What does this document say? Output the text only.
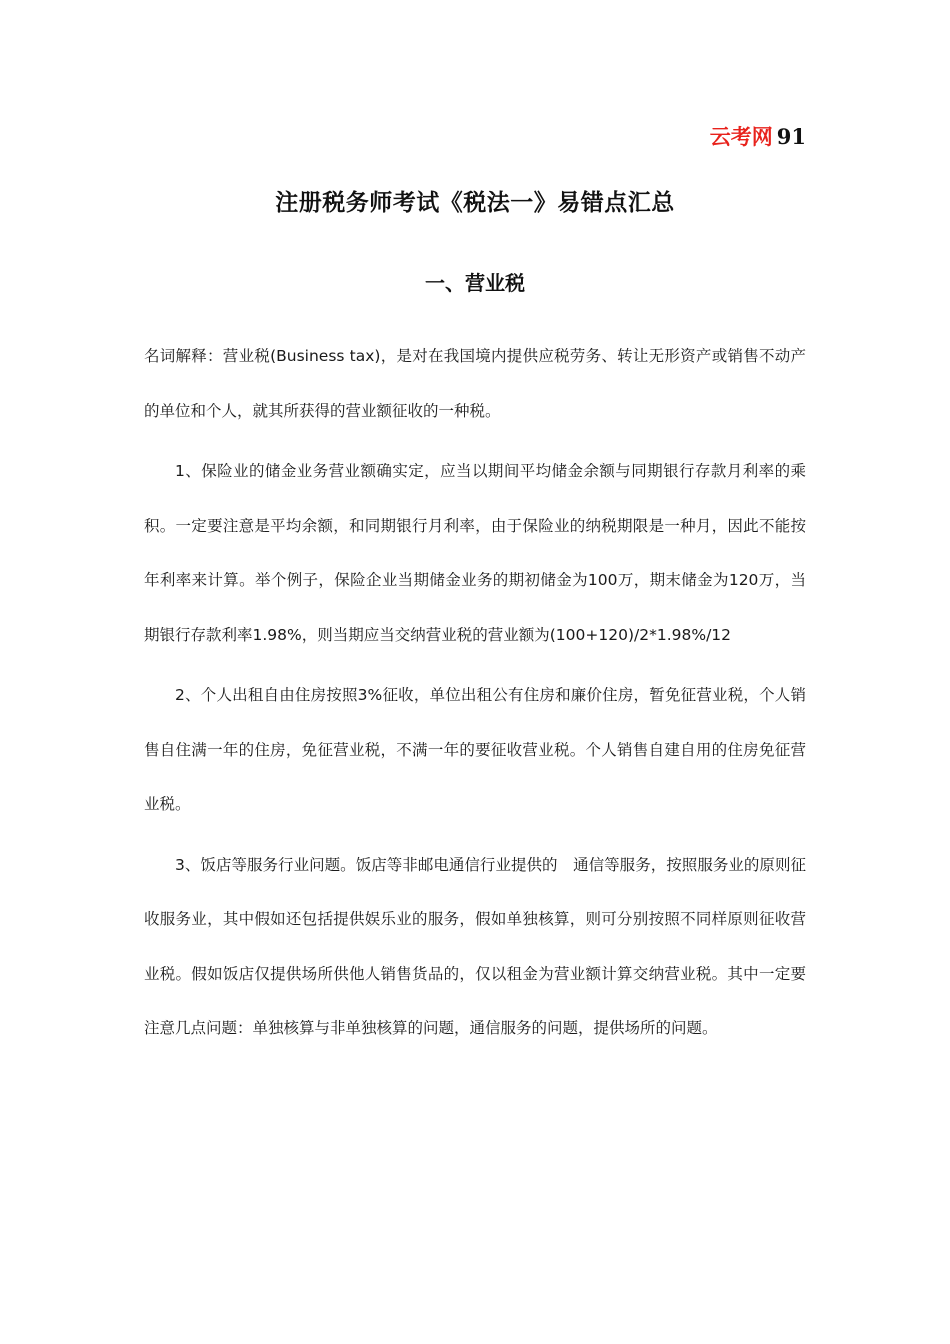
云考网 91
注册税务师考试《税法一》易错点汇总
一、营业税

名词解释：营业税(Business tax)，是对在我国境内提供应税劳务、转让无形资产或销售不动产的单位和个人，就其所获得的营业额征收的一种税。

1、保险业的储金业务营业额确实定，应当以期间平均储金余额与同期银行存款月利率的乘积。一定要注意是平均余额，和同期银行月利率，由于保险业的纳税期限是一种月，因此不能按年利率来计算。举个例子，保险企业当期储金业务的期初储金为100万，期末储金为120万，当期银行存款利率1.98%，则当期应当交纳营业税的营业额为(100+120)/2*1.98%/12

2、个人出租自由住房按照3%征收，单位出租公有住房和廉价住房，暂免征营业税，个人销售自住满一年的住房，免征营业税，不满一年的要征收营业税。个人销售自建自用的住房免征营业税。

3、饭店等服务行业问题。饭店等非邮电通信行业提供的　通信等服务，按照服务业的原则征收服务业，其中假如还包括提供娱乐业的服务，假如单独核算，则可分别按照不同样原则征收营业税。假如饭店仅提供场所供他人销售货品的，仅以租金为营业额计算交纳营业税。其中一定要注意几点问题：单独核算与非单独核算的问题，通信服务的问题，提供场所的问题。
